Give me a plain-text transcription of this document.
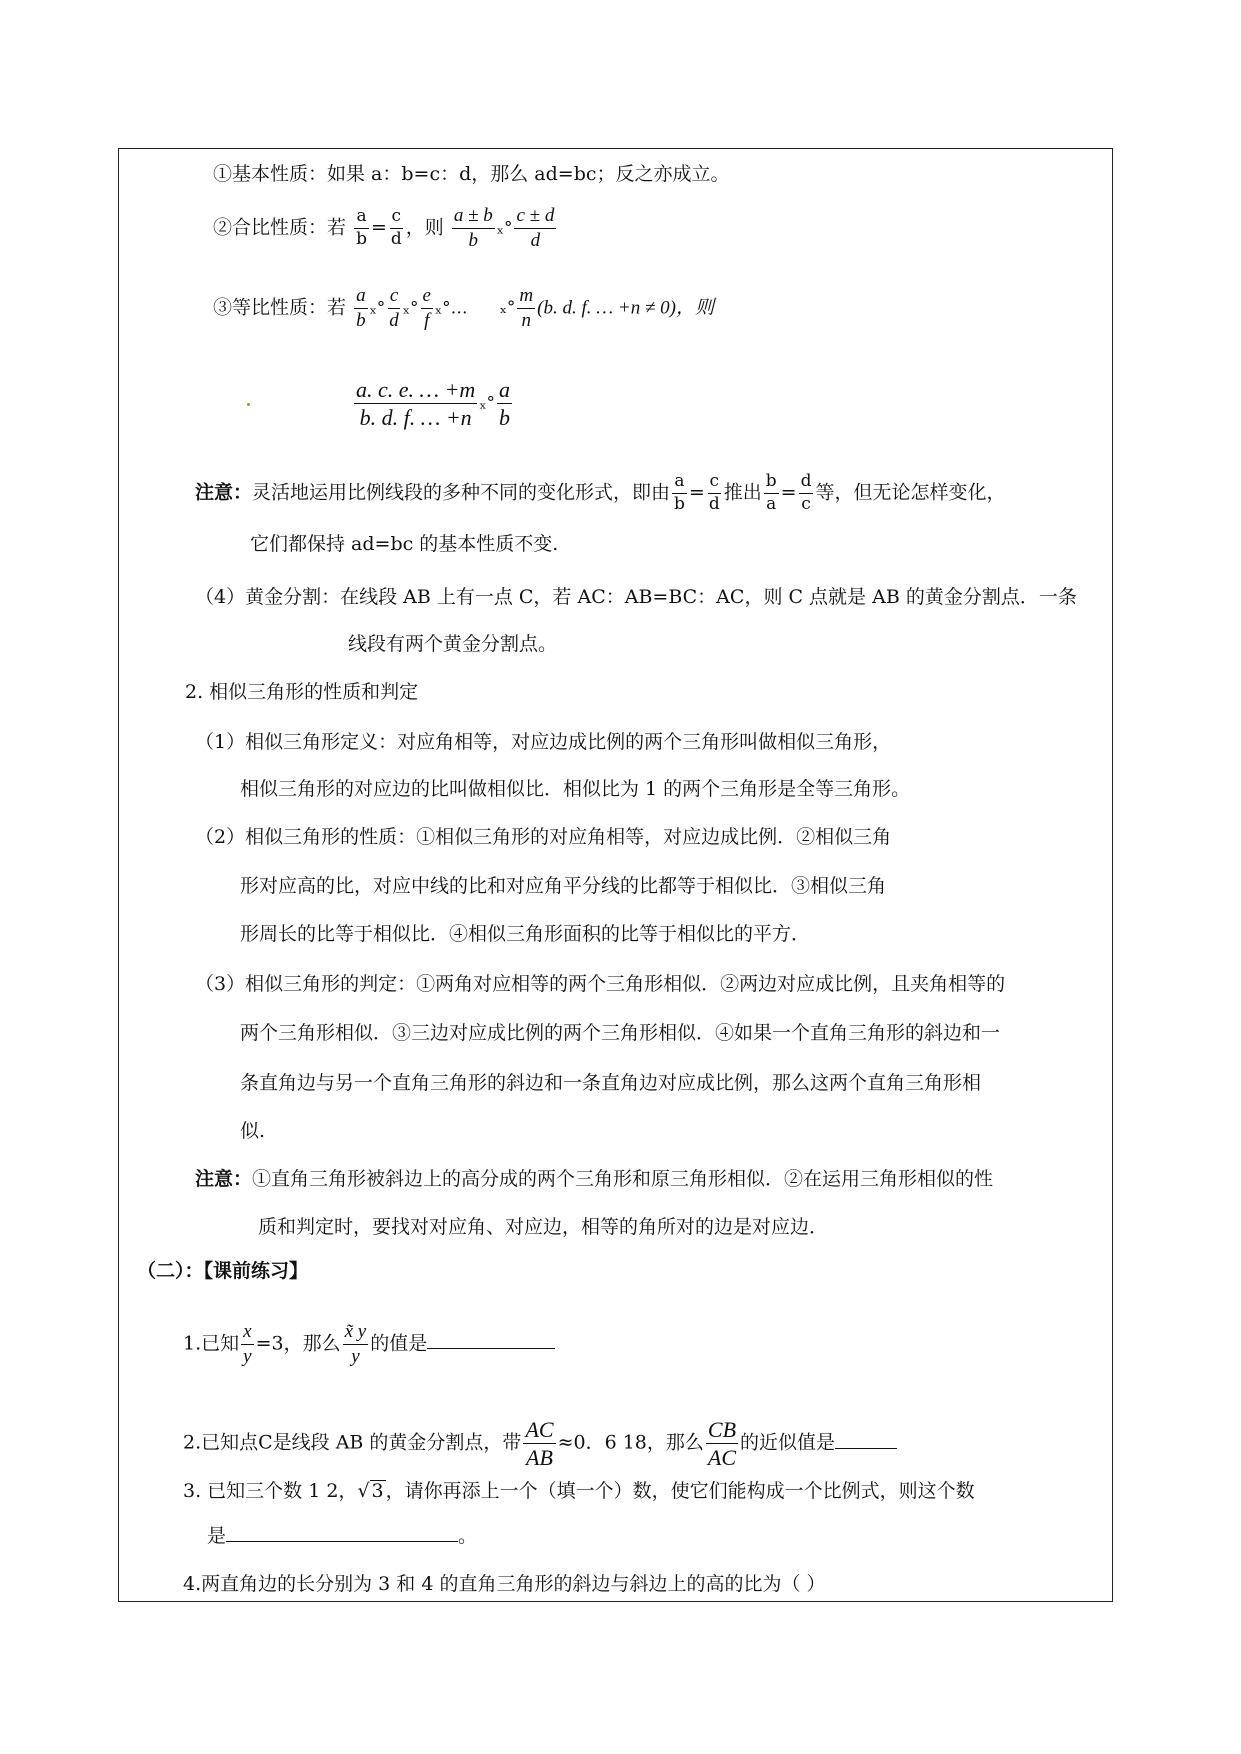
①基本性质：如果 a：b=c：d，那么 ad=bc；反之亦成立。
②合比性质：若 $\frac{a}{b} = \frac{c}{d}$ ，则 $\frac{a \pm b}{b} _x^\circ \frac{c \pm d}{d}$
③等比性质：若 $\frac{a}{b} _x^\circ \frac{c}{d} _x^\circ \frac{e}{f}$ ₓ°… $_x^\circ \frac{m}{n} (b$. d. f. … +n ≠ 0)，则
$\frac{a. c. e. \dots +m}{b. d. f. \dots +n} _x^\circ \frac{a}{b}$
注意：灵活地运用比例线段的多种不同的变化形式，即由 $\frac{a}{b} = \frac{c}{d}$ 推出 $\frac{b}{a} = \frac{d}{c}$ 等，但无论怎样变化，
它们都保持 ad=bc 的基本性质不变.
（4）黄金分割：在线段 AB 上有一点 C，若 AC：AB=BC：AC，则 C 点就是 AB 的黄金分割点．一条
线段有两个黄金分割点。
2. 相似三角形的性质和判定
（1）相似三角形定义：对应角相等，对应边成比例的两个三角形叫做相似三角形，
相似三角形的对应边的比叫做相似比．相似比为 1 的两个三角形是全等三角形。
（2）相似三角形的性质：①相似三角形的对应角相等，对应边成比例．②相似三角
形对应高的比，对应中线的比和对应角平分线的比都等于相似比．③相似三角
形周长的比等于相似比．④相似三角形面积的比等于相似比的平方．
（3）相似三角形的判定：①两角对应相等的两个三角形相似．②两边对应成比例，且夹角相等的
两个三角形相似．③三边对应成比例的两个三角形相似．④如果一个直角三角形的斜边和一
条直角边与另一个直角三角形的斜边和一条直角边对应成比例，那么这两个直角三角形相
似.
注意：①直角三角形被斜边上的高分成的两个三角形和原三角形相似．②在运用三角形相似的性
质和判定时，要找对对应角、对应边，相等的角所对的边是对应边．
（二）：【课前练习】
1.已知 $\frac{x}{y} =3$，那么 $\frac{x̃ y}{y}$ 的值是
2.已知点C是线段 AB 的黄金分割点，带 $\frac{AC}{AB} \approx 0$．6 18，那么 $\frac{CB}{AC}$ 的近似值是
3. 已知三个数 1 2， √ 3 ，请你再添上一个（填一个）数，使它们能构成一个比例式，则这个数
是	。
4.两直角边的长分别为 3 和 4 的直角三角形的斜边与斜边上的高的比为（ ）
